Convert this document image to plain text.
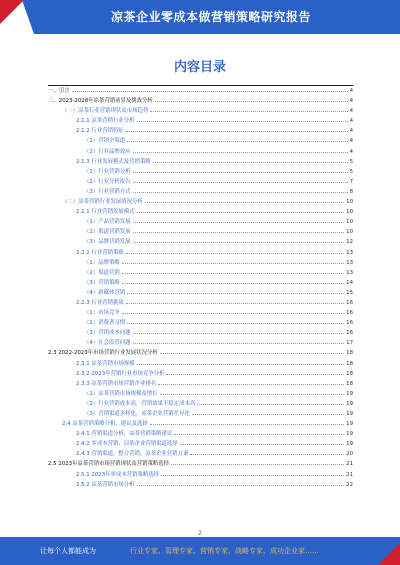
凉茶企业零成本做营销策略研究报告
内容目录
一、引言	4
二、2023-2028年凉茶营销前景及挑战分析	4
（一）凉茶行业营销现状及市场趋势	4
2.1.1 凉茶营销行业分析	4
2.1.2 行业营销特征	4
（1）营销全渠道	4
（2）行业品牌效应	4
2.1.3 行业发展模式及营销策略	5
（1）行业营销分析	5
（2）行业分析报告	7
（3）行业营销方式	8
（二）凉茶营销行业发展情况分析	10
2.2.1 行业营销发展模式	10
（1）产品营销发展	10
（2）渠道营销发展	10
（3）品牌营销发展	12
2.2.2 行业营销策略	13
（1）品牌策略	13
（2）渠道营销	13
（3）营销策略	14
（4）新媒体营销	15
2.2.3 行业营销挑战	16
（1）市场竞争	16
（2）消费者习惯	16
（3）营销成本问题	16
（4）社会监管问题	17
2.3 2022-2023年市场营销行业发展状况分析	18
2.3.1 凉茶营销市场规模	18
2.3.2 2023年营销行业市场竞争分析	18
2.3.3 凉茶营销市场营销企业排名	18
（1）凉茶营销市场规模及增长	19
（2）行业营销成本高，营销效果不稳定成本高	19
（3）营销渠道多样化，凉茶企业营销差异化	19
2.4 凉茶营销策略分析、建议及选择	19
2.4.1 营销渠道分析，凉茶营销策略建议	19
2.4.2 零成本营销，凉茶企业营销渠道选择	19
2.4.3 营销渠道，整合营销，凉茶企业营销方案	20
2.5 2023年凉茶营销市场营销现状及营销策略选择	21
2.5.1 2023年零成本营销策略选择	21
2.5.2 凉茶营销市场分析	22
2
让每个人都能成为	行业专家、管理专家、营销专家、战略专家、成功企业家……
